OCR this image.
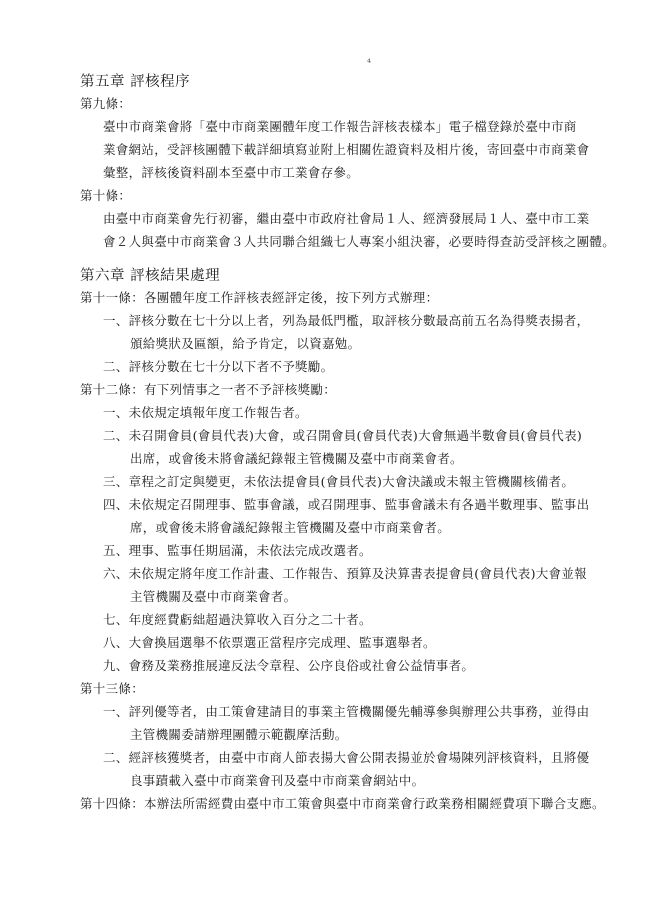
⁴
第五章 評核程序
第九條：
臺中市商業會將「臺中市商業團體年度工作報告評核表樣本」電子檔登錄於臺中市商
業會網站，受評核團體下載詳細填寫並附上相關佐證資料及相片後，寄回臺中市商業會
彙整，評核後資料副本至臺中市工業會存參。
第十條：
由臺中市商業會先行初審，繼由臺中市政府社會局１人、經濟發展局１人、臺中市工業
會２人與臺中市商業會３人共同聯合組織七人專案小組決審，必要時得查訪受評核之團體。
第六章 評核結果處理
第十一條：各團體年度工作評核表經評定後，按下列方式辦理：
一、評核分數在七十分以上者，列為最低門檻，取評核分數最高前五名為得獎表揚者，
頒給獎狀及匾額，給予肯定，以資嘉勉。
二、評核分數在七十分以下者不予獎勵。
第十二條：有下列情事之一者不予評核獎勵：
一、未依規定填報年度工作報告者。
二、未召開會員(會員代表)大會，或召開會員(會員代表)大會無過半數會員(會員代表)
出席，或會後未將會議紀錄報主管機關及臺中市商業會者。
三、章程之訂定與變更，未依法提會員(會員代表)大會決議或未報主管機關核備者。
四、未依規定召開理事、監事會議，或召開理事、監事會議未有各過半數理事、監事出
席，或會後未將會議紀錄報主管機關及臺中市商業會者。
五、理事、監事任期屆滿，未依法完成改選者。
六、未依規定將年度工作計畫、工作報告、預算及決算書表提會員(會員代表)大會並報
主管機關及臺中市商業會者。
七、年度經費虧絀超過決算收入百分之二十者。
八、大會換屆選舉不依票選正當程序完成理、監事選舉者。
九、會務及業務推展違反法令章程、公序良俗或社會公益情事者。
第十三條：
一、評列優等者，由工策會建請目的事業主管機關優先輔導參與辦理公共事務，並得由
主管機關委請辦理團體示範觀摩活動。
二、經評核獲獎者，由臺中市商人節表揚大會公開表揚並於會場陳列評核資料，且將優
良事蹟載入臺中市商業會刊及臺中市商業會網站中。
第十四條：本辦法所需經費由臺中市工策會與臺中市商業會行政業務相關經費項下聯合支應。
